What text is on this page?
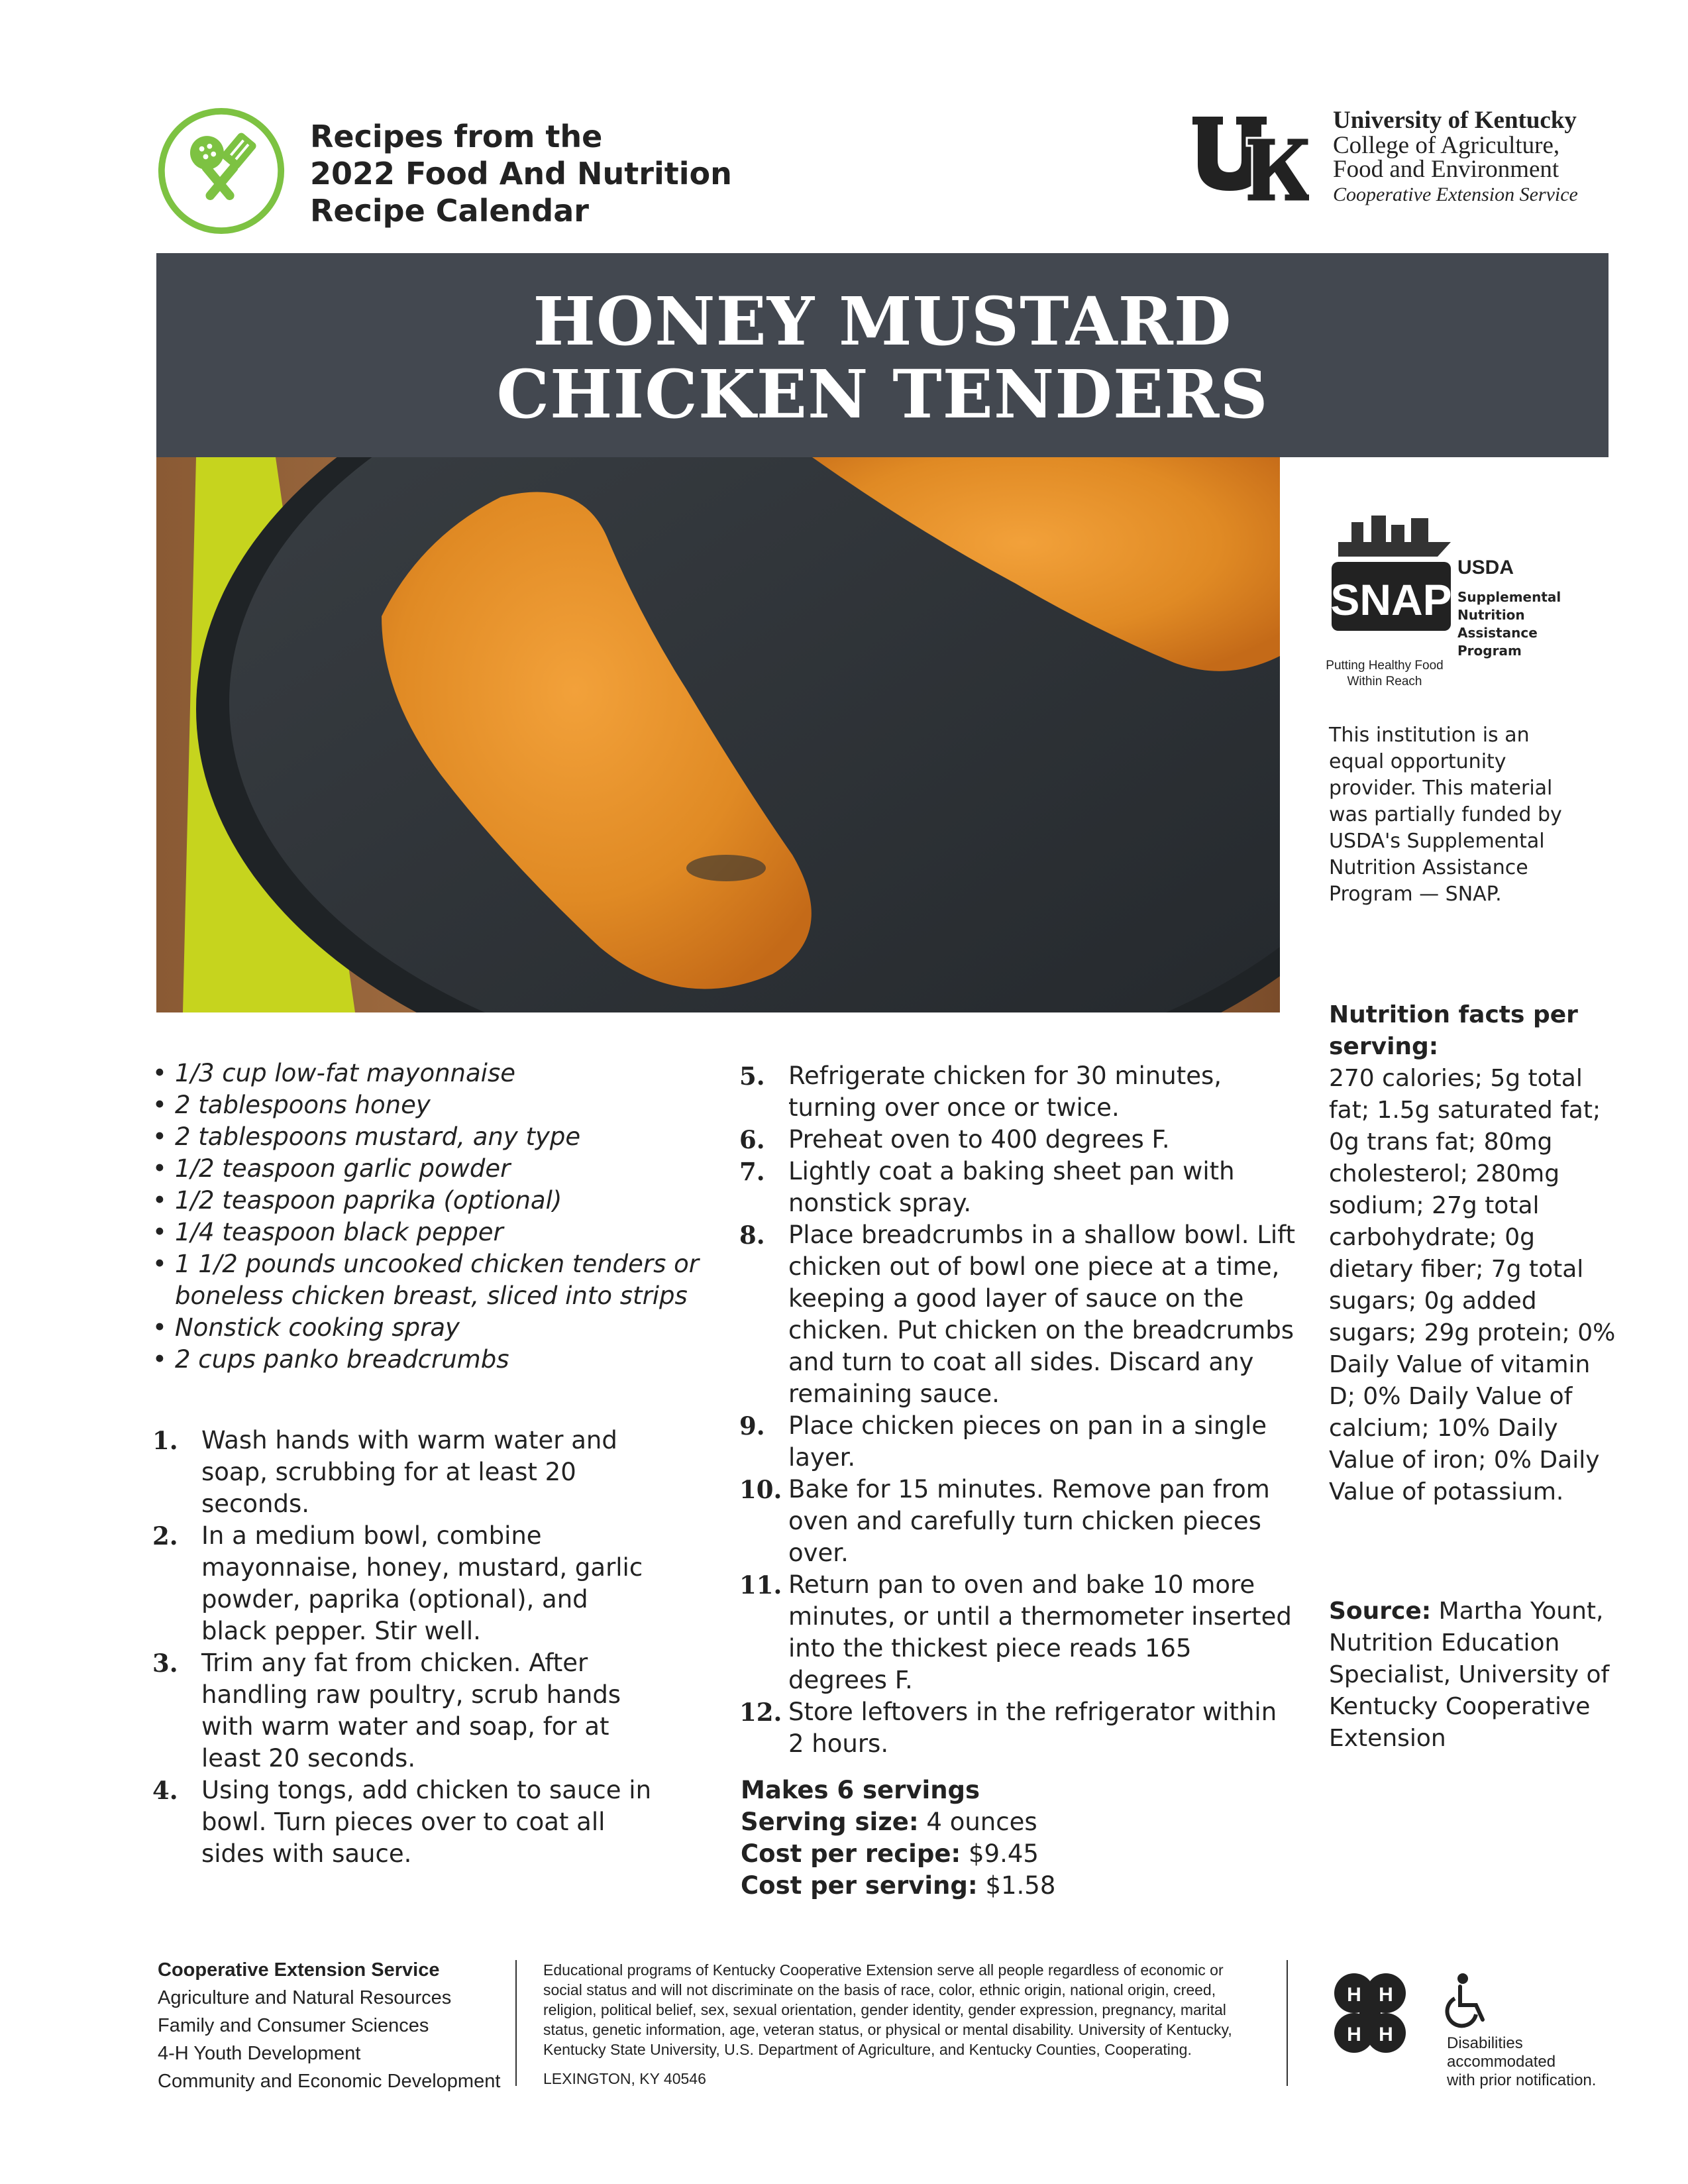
Recipes from the
2022 Food And Nutrition
Recipe Calendar
University of Kentucky
College of Agriculture,
Food and Environment
Cooperative Extension Service
HONEY MUSTARD
CHICKEN TENDERS
SNAP
USDA
Supplemental
Nutrition
Assistance
Program
Putting Healthy Food
Within Reach
This institution is an equal opportunity provider. This material was partially funded by USDA's Supplemental Nutrition Assistance Program — SNAP.
Nutrition facts per serving:
270 calories; 5g total fat; 1.5g saturated fat; 0g trans fat; 80mg cholesterol; 280mg sodium; 27g total carbohydrate; 0g dietary fiber; 7g total sugars; 0g added sugars; 29g protein; 0% Daily Value of vitamin D; 0% Daily Value of calcium; 10% Daily Value of iron; 0% Daily Value of potassium.
Source: Martha Yount, Nutrition Education Specialist, University of Kentucky Cooperative Extension
• 1/3 cup low-fat mayonnaise
• 2 tablespoons honey
• 2 tablespoons mustard, any type
• 1/2 teaspoon garlic powder
• 1/2 teaspoon paprika (optional)
• 1/4 teaspoon black pepper
• 1 1/2 pounds uncooked chicken tenders or boneless chicken breast, sliced into strips
• Nonstick cooking spray
• 2 cups panko breadcrumbs
1. Wash hands with warm water and soap, scrubbing for at least 20 seconds.
2. In a medium bowl, combine mayonnaise, honey, mustard, garlic powder, paprika (optional), and black pepper. Stir well.
3. Trim any fat from chicken. After handling raw poultry, scrub hands with warm water and soap, for at least 20 seconds.
4. Using tongs, add chicken to sauce in bowl. Turn pieces over to coat all sides with sauce.
5. Refrigerate chicken for 30 minutes, turning over once or twice.
6. Preheat oven to 400 degrees F.
7. Lightly coat a baking sheet pan with nonstick spray.
8. Place breadcrumbs in a shallow bowl. Lift chicken out of bowl one piece at a time, keeping a good layer of sauce on the chicken. Put chicken on the breadcrumbs and turn to coat all sides. Discard any remaining sauce.
9. Place chicken pieces on pan in a single layer.
10. Bake for 15 minutes. Remove pan from oven and carefully turn chicken pieces over.
11. Return pan to oven and bake 10 more minutes, or until a thermometer inserted into the thickest piece reads 165 degrees F.
12. Store leftovers in the refrigerator within 2 hours.
Makes 6 servings
Serving size: 4 ounces
Cost per recipe: $9.45
Cost per serving: $1.58
Cooperative Extension Service
Agriculture and Natural Resources
Family and Consumer Sciences
4-H Youth Development
Community and Economic Development
Educational programs of Kentucky Cooperative Extension serve all people regardless of economic or social status and will not discriminate on the basis of race, color, ethnic origin, national origin, creed, religion, political belief, sex, sexual orientation, gender identity, gender expression, pregnancy, marital status, genetic information, age, veteran status, or physical or mental disability. University of Kentucky, Kentucky State University, U.S. Department of Agriculture, and Kentucky Counties, Cooperating.
LEXINGTON, KY 40546
H H
H H	Disabilities
accommodated
with prior notification.
